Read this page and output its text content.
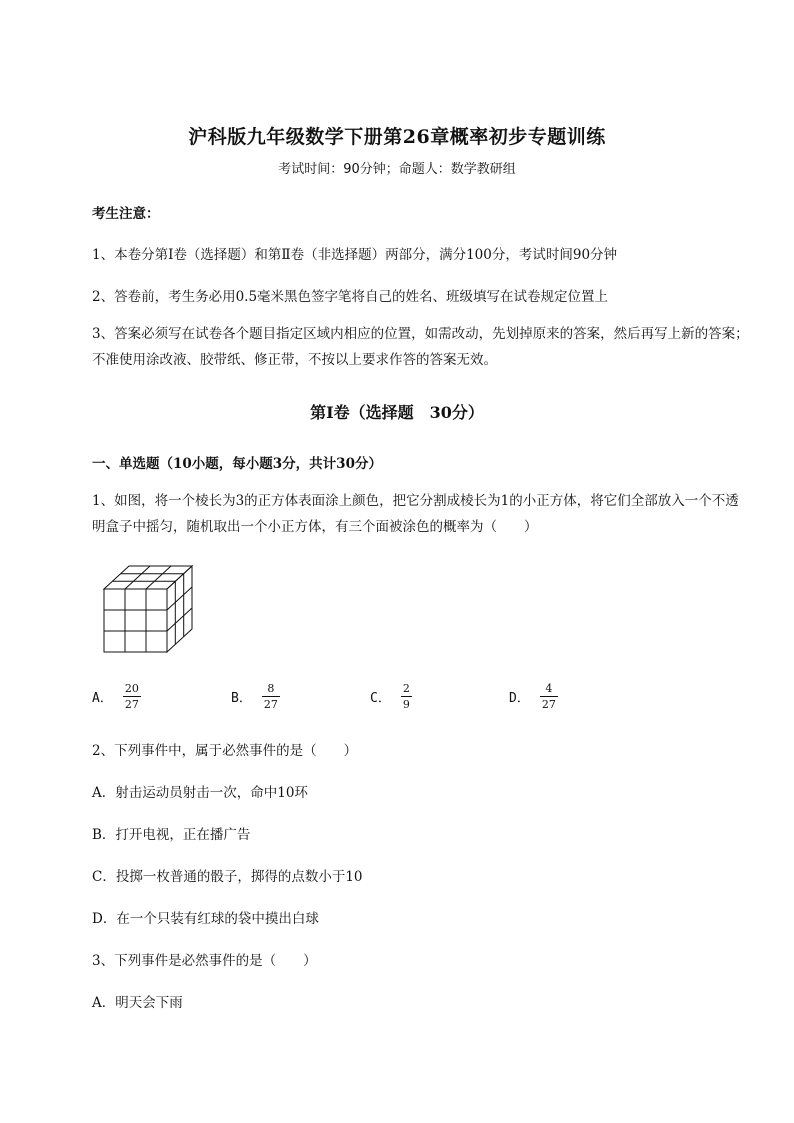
沪科版九年级数学下册第26章概率初步专题训练
考试时间：90分钟；命题人：数学教研组
考生注意：
1、本卷分第I卷（选择题）和第Ⅱ卷（非选择题）两部分，满分100分，考试时间90分钟
2、答卷前，考生务必用0.5毫米黑色签字笔将自己的姓名、班级填写在试卷规定位置上
3、答案必须写在试卷各个题目指定区域内相应的位置，如需改动，先划掉原来的答案，然后再写上新的答案；不准使用涂改液、胶带纸、修正带，不按以上要求作答的答案无效。
第I卷（选择题　30分）
一、单选题（10小题，每小题3分，共计30分）
1、如图，将一个棱长为3的正方体表面涂上颜色，把它分割成棱长为1的小正方体，将它们全部放入一个不透明盒子中摇匀，随机取出一个小正方体，有三个面被涂色的概率为（　　）
A． $\frac{20}{27}$	B． $\frac{8}{27}$	C． $\frac{2}{9}$	D． $\frac{4}{27}$
2、下列事件中，属于必然事件的是（　　）
A．射击运动员射击一次，命中10环
B．打开电视，正在播广告
C．投掷一枚普通的骰子，掷得的点数小于10
D．在一个只装有红球的袋中摸出白球
3、下列事件是必然事件的是（　　）
A．明天会下雨
